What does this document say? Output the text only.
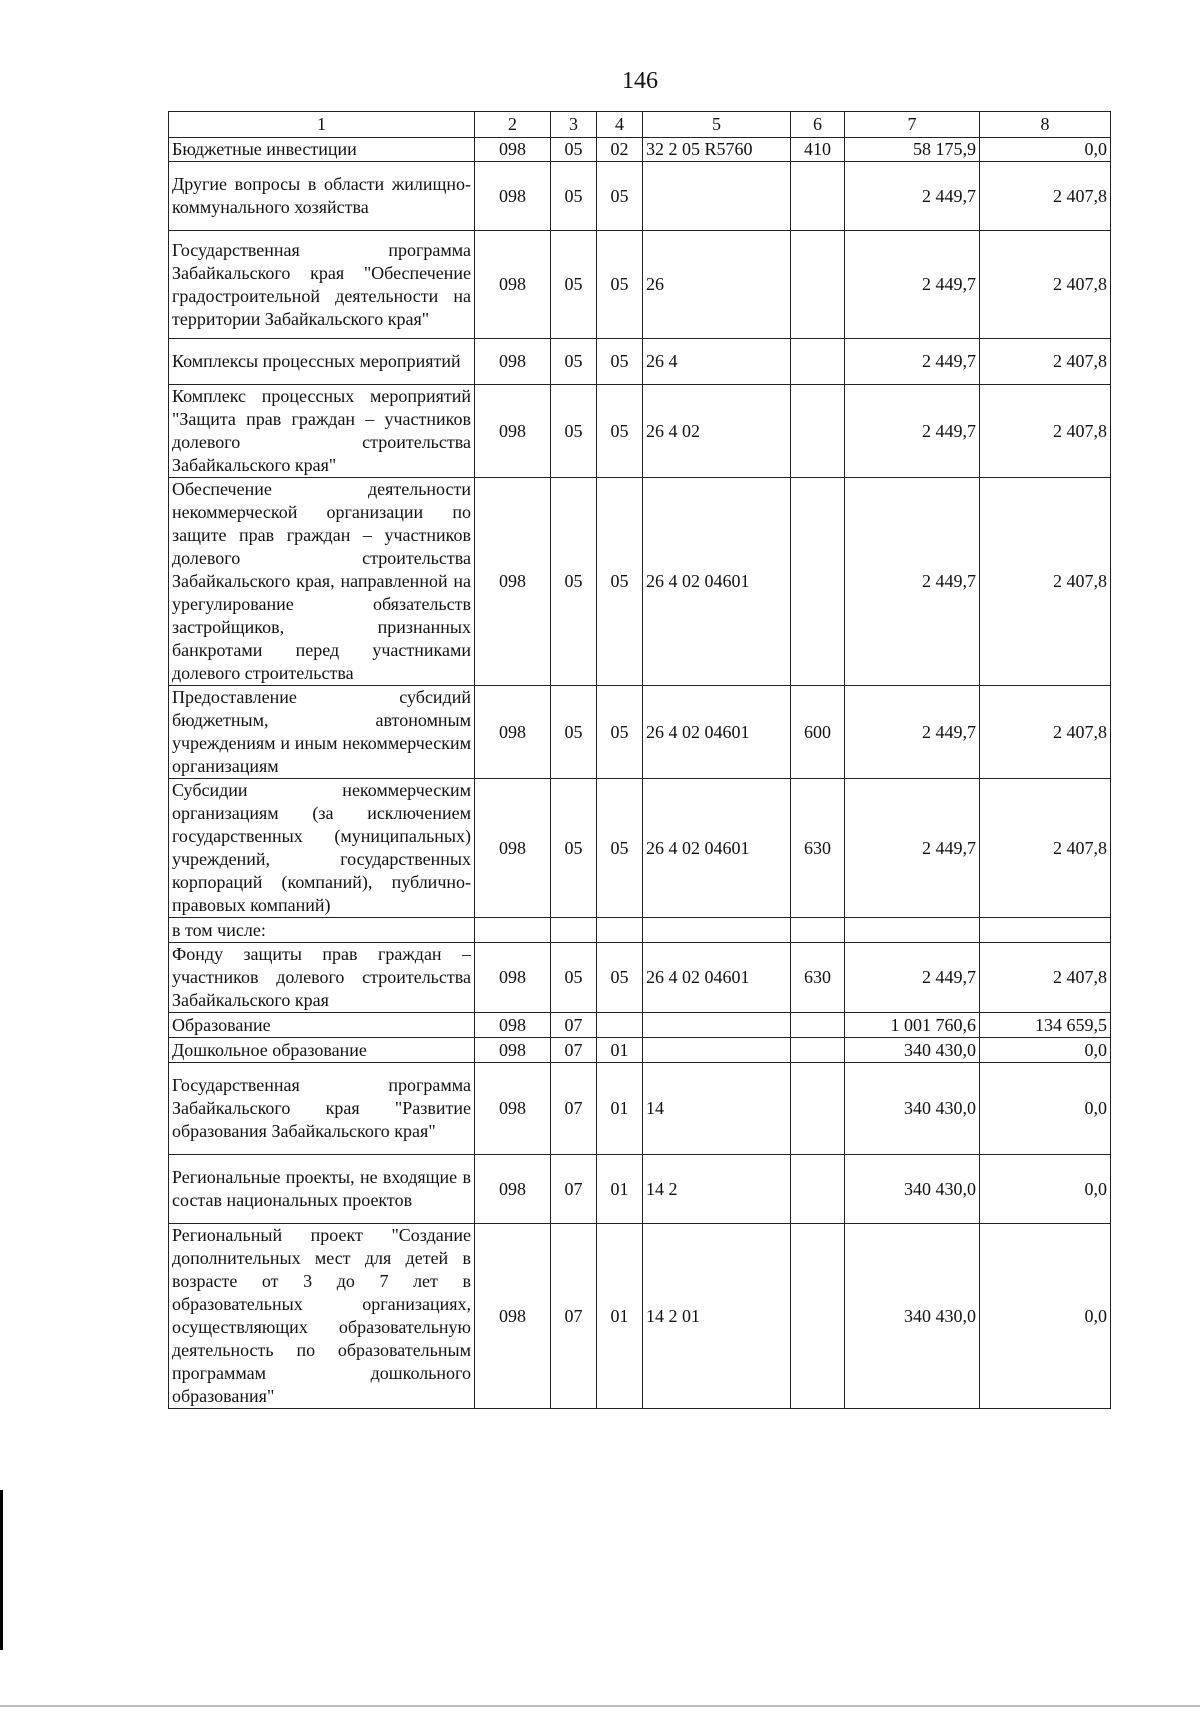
146
1	2	3	4	5	6	7	8
Бюджетные инвестиции	098	05	02	32 2 05 R5760	410	58 175,9	0,0
Другие вопросы в области жилищно-коммунального хозяйства	098	05	05			2 449,7	2 407,8
Государственная программа Забайкальского края "Обеспечение градостроительной деятельности на территории Забайкальского края"	098	05	05	26		2 449,7	2 407,8
Комплексы процессных мероприятий	098	05	05	26 4		2 449,7	2 407,8
Комплекс процессных мероприятий "Защита прав граждан – участников долевого строительства Забайкальского края"	098	05	05	26 4 02		2 449,7	2 407,8
Обеспечение деятельности некоммерческой организации по защите прав граждан – участников долевого строительства Забайкальского края, направленной на урегулирование обязательств застройщиков, признанных банкротами перед участниками долевого строительства	098	05	05	26 4 02 04601		2 449,7	2 407,8
Предоставление субсидий бюджетным, автономным учреждениям и иным некоммерческим организациям	098	05	05	26 4 02 04601	600	2 449,7	2 407,8
Субсидии некоммерческим организациям (за исключением государственных (муниципальных) учреждений, государственных корпораций (компаний), публично-правовых компаний)	098	05	05	26 4 02 04601	630	2 449,7	2 407,8
в том числе:							
Фонду защиты прав граждан – участников долевого строительства Забайкальского края	098	05	05	26 4 02 04601	630	2 449,7	2 407,8
Образование	098	07				1 001 760,6	134 659,5
Дошкольное образование	098	07	01			340 430,0	0,0
Государственная программа Забайкальского края "Развитие образования Забайкальского края"	098	07	01	14		340 430,0	0,0
Региональные проекты, не входящие в состав национальных проектов	098	07	01	14 2		340 430,0	0,0
Региональный проект "Создание дополнительных мест для детей в возрасте от 3 до 7 лет в образовательных организациях, осуществляющих образовательную деятельность по образовательным программам дошкольного образования"	098	07	01	14 2 01		340 430,0	0,0
